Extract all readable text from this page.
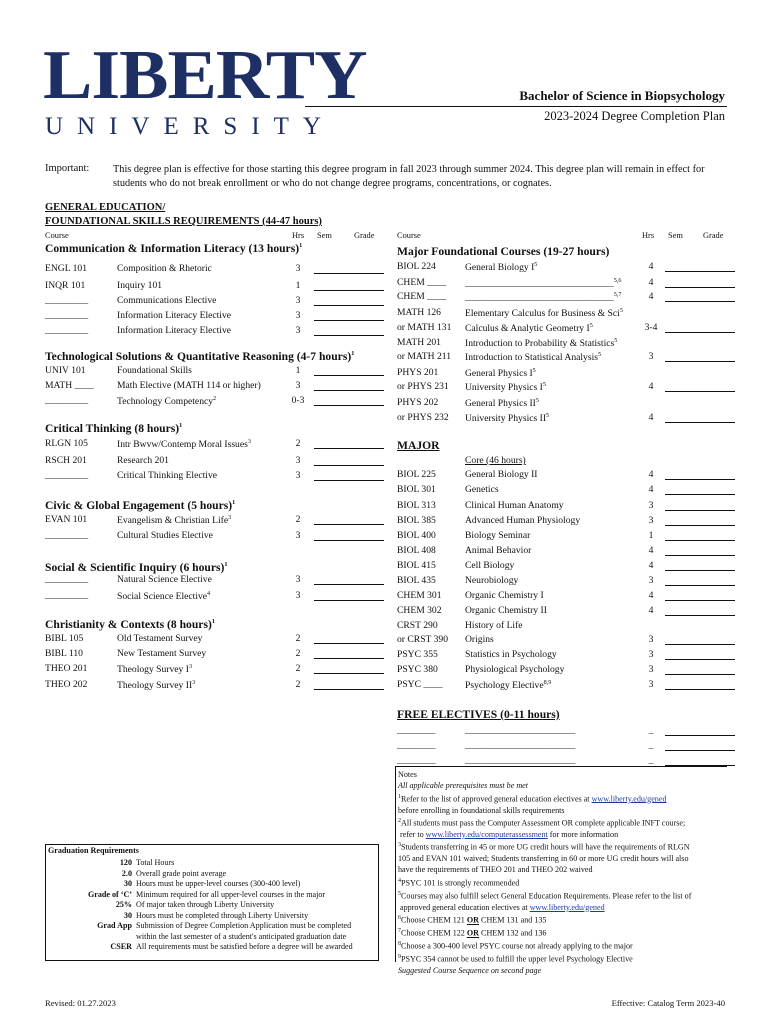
LIBERTY
UNIVERSITY
Bachelor of Science in Biopsychology
2023-2024 Degree Completion Plan
Important: This degree plan is effective for those starting this degree program in fall 2023 through summer 2024. This degree plan will remain in effect for students who do not break enrollment or who do not change degree programs, concentrations, or cognates.
GENERAL EDUCATION/
FOUNDATIONAL SKILLS REQUIREMENTS (44-47 hours)
Course	Hrs Sem	Grade	Course	Hrs Sem Grade
Communication & Information Literacy (13 hours)$^1$
ENGL 101	Composition & Rhetoric	3
INQR 101	Inquiry 101	1
_________	Communications Elective	3
_________	Information Literacy Elective	3
_________	Information Literacy Elective	3
Technological Solutions & Quantitative Reasoning (4-7 hours)$^1$
UNIV 101	Foundational Skills	1
MATH ____ Math Elective (MATH 114 or higher)	3
_________	Technology Competency$^2$	0-3
Critical Thinking (8 hours)$^1$
RLGN 105	Intr Bwvw/Contemp Moral Issues$^3$	2
RSCH 201	Research 201	3
_________	Critical Thinking Elective	3
Civic & Global Engagement (5 hours)$^1$
EVAN 101	Evangelism & Christian Life$^3$	2
_________	Cultural Studies Elective	3
Social & Scientific Inquiry (6 hours)$^1$
_________	Natural Science Elective	3
_________	Social Science Elective$^4$	3
Christianity & Contexts (8 hours)$^1$
BIBL 105	Old Testament Survey	2
BIBL 110	New Testament Survey	2
THEO 201	Theology Survey $I^3$	2
THEO 202	Theology Survey $II^3$	2
Major Foundational Courses (19-27 hours)
BIOL 224	General Biology $I^5$	4
CHEM ____ _______________________________$^{5,6}$	4
CHEM ____ _______________________________$^{5,7}$	4
MATH 126	Elementary Calculus for Business & Sci$^5$
or MATH 131 Calculus & Analytic Geometry $I^5$	3-4
MATH 201	Introduction to Probability & Statistics$^5$
or MATH 211 Introduction to Statistical Analysis$^5$	3
PHYS 201	General Physics $I^5$
or PHYS 231 University Physics $I^5$	4
PHYS 202	General Physics $II^5$
or PHYS 232 University Physics $II^5$	4
BIOL 225	General Biology II	4
BIOL 301	Genetics	4
BIOL 313	Clinical Human Anatomy	3
BIOL 385	Advanced Human Physiology	3
BIOL 400	Biology Seminar	1
BIOL 408	Animal Behavior	4
BIOL 415	Cell Biology	4
BIOL 435	Neurobiology	3
CHEM 301 Organic Chemistry I	4
CHEM 302 Organic Chemistry II	4
CRST 290	History of Life
or CRST 390 Origins	3
PSYC 355	Statistics in Psychology	3
PSYC 380	Physiological Psychology	3
PSYC ____ Psychology Elective$^{8,9}$	3
________	_______________________	_
________	_______________________	_
________	_______________________	_
MAJOR
Core (46 hours)
FREE ELECTIVES (0-11 hours)
Notes
All applicable prerequisites must be met
$^1$Refer to the list of approved general education electives at www.liberty.edu/gened
before enrolling in foundational skills requirements
$^2$All students must pass the Computer Assessment OR complete applicable INFT course;
refer to www.liberty.edu/computerassessment for more information
$^3$Students transferring in 45 or more UG credit hours will have the requirements of RLGN
105 and EVAN 101 waived; Students transferring in 60 or more UG credit hours will also
have the requirements of THEO 201 and THEO 202 waived
$^4$PSYC 101 is strongly recommended
$^5$Courses may also fulfill select General Education Requirements. Please refer to the list of
approved general education electives at www.liberty.edu/gened
$^6$Choose CHEM 121 OR CHEM 131 and 135
$^7$Choose CHEM 122 OR CHEM 132 and 136
$^8$Choose a 300-400 level PSYC course not already applying to the major
$^9$PSYC 354 cannot be used to fulfill the upper level Psychology Elective
Suggested Course Sequence on second page
Graduation Requirements
120 Total Hours
2.0 Overall grade point average
30 Hours must be upper-level courses (300-400 level)
Grade of ‘C’ Minimum required for all upper-level courses in the major
25% Of major taken through Liberty University
30 Hours must be completed through Liberty University
Grad App Submission of Degree Completion Application must be completed
within the last semester of a student's anticipated graduation date
CSER All requirements must be satisfied before a degree will be awarded
Revised: 01.27.2023	Effective: Catalog Term 2023-40
